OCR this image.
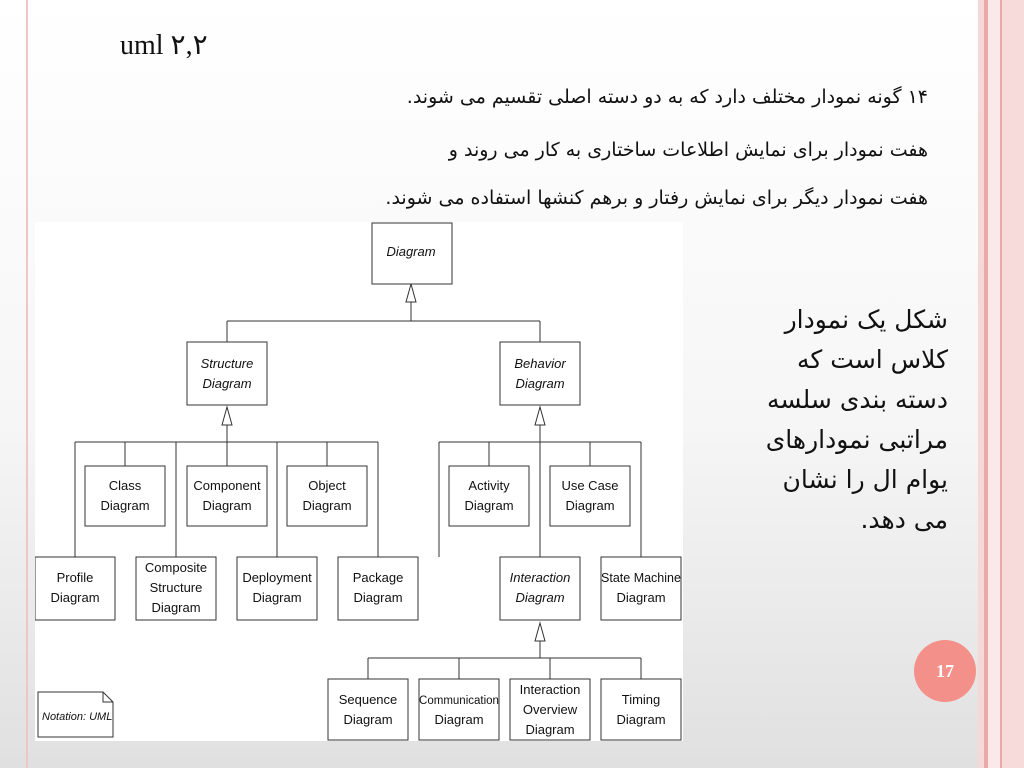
uml ۲,۲
۱۴ گونه نمودار مختلف دارد که به دو دسته اصلی تقسیم می شوند.
هفت نمودار برای نمایش اطلاعات ساختاری به کار می روند و
هفت نمودار دیگر برای نمایش رفتار و برهم کنشها استفاده می شوند.
Diagram
Structure
Diagram
Behavior
Diagram
Class
Diagram
Component
Diagram
Object
Diagram
Profile
Diagram
Composite
Structure
Diagram
Deployment
Diagram
Package
Diagram
Activity
Diagram
Use Case
Diagram
Interaction
Diagram
State Machine
Diagram
Sequence
Diagram
Communication
Diagram
Interaction
Overview
Diagram
Timing
Diagram
Notation: UML
شکل یک نمودار
کلاس است که
دسته بندی سلسه
مراتبی نمودارهای
یوام ال را نشان
می دهد.
17
